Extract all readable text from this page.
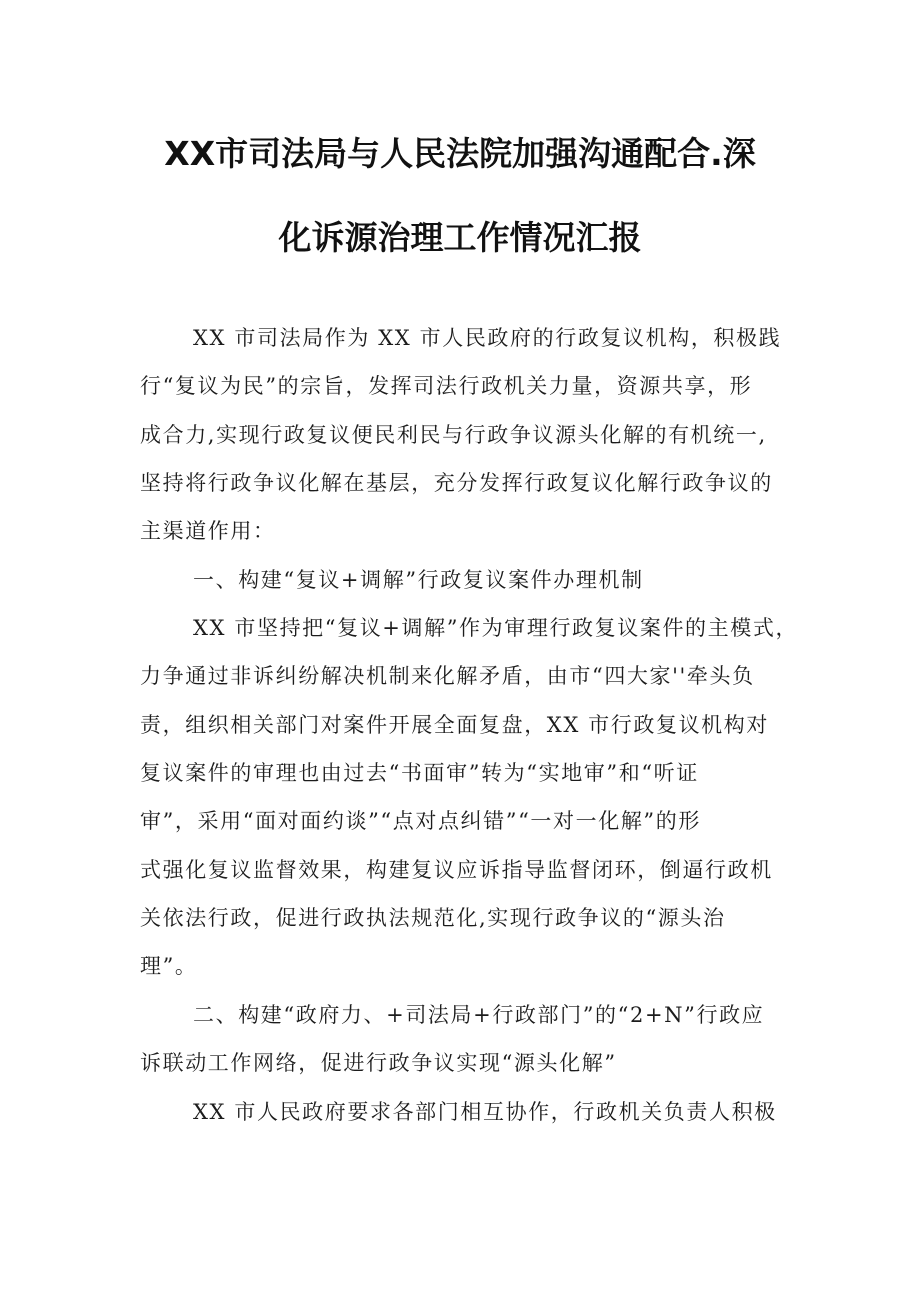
XX市司法局与人民法院加强沟通配合.深
化诉源治理工作情况汇报
XX 市司法局作为 XX 市人民政府的行政复议机构，积极践
行“复议为民”的宗旨，发挥司法行政机关力量，资源共享，形
成合力,实现行政复议便民利民与行政争议源头化解的有机统一,
坚持将行政争议化解在基层，充分发挥行政复议化解行政争议的
主渠道作用：
一、构建“复议+调解”行政复议案件办理机制
XX 市坚持把“复议+调解”作为审理行政复议案件的主模式，
力争通过非诉纠纷解决机制来化解矛盾，由市“四大家''牵头负
责，组织相关部门对案件开展全面复盘，XX 市行政复议机构对
复议案件的审理也由过去“书面审”转为“实地审”和“听证
审”，采用“面对面约谈”“点对点纠错”“一对一化解”的形
式强化复议监督效果，构建复议应诉指导监督闭环，倒逼行政机
关依法行政，促进行政执法规范化,实现行政争议的“源头治
理”。
二、构建“政府力、+司法局+行政部门”的“2+N”行政应
诉联动工作网络，促进行政争议实现“源头化解”
XX 市人民政府要求各部门相互协作，行政机关负责人积极
